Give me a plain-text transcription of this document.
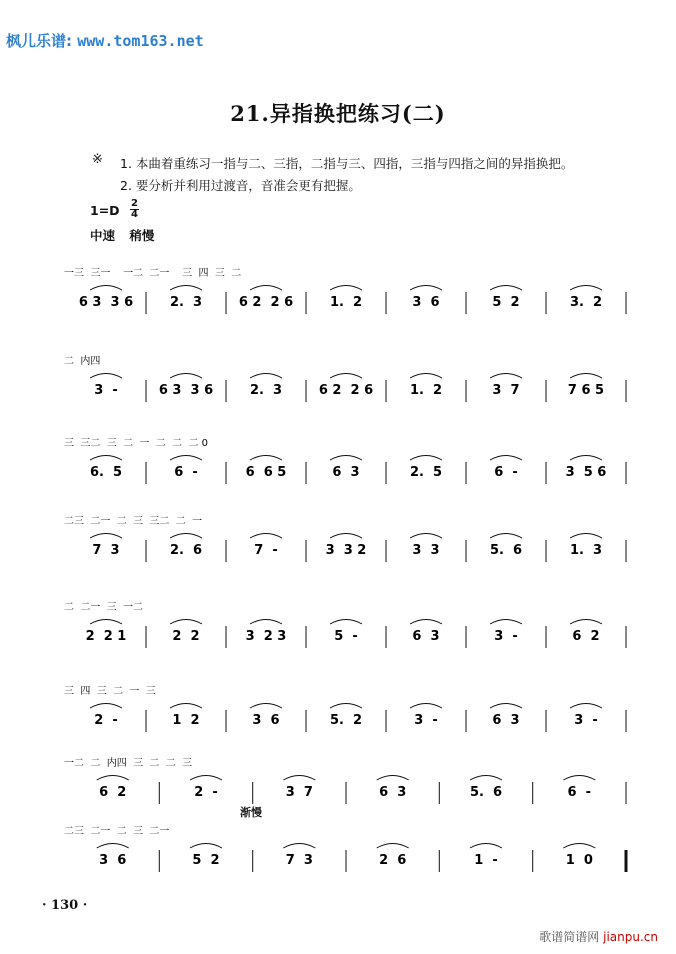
枫儿乐谱: www.tom163.net
21.异指换把练习(二)
※ 1. 本曲着重练习一指与二、三指，二指与三、四指，三指与四指之间的异指换把。
2. 要分析并利用过渡音，音准会更有把握。
1=D 2
4
中速 稍慢
一三  三一    一二  二一    三  四  三  二
6 3  3 6	2.  3	6 2  2 6	1.  2	3  6	5  2	3.  2
二  内四
3  -	6 3  3 6	2.  3	6 2  2 6	1.  2	3  7	7 6 5
三  三二  三  二  一  二  二  二 0
6.  5	6  -	6  6 5	6  3	2.  5	6  -	3  5 6
二三  二一  二  三  三二  二  一
7  3	2.  6	7  -	3  3 2	3  3	5.  6	1.  3
二  二一  三  一二
2  2 1	2  2	3  2 3	5  -	6  3	3  -	6  2
三  四  三  二  一  三
2  -	1  2	3  6	5.  2	3  -	6  3	3  -
一二  二  内四  三  二  二  三
6  2	2  -	3  7	6  3	5.  6	6  -
二三  二一  二  三  二一
3  6	5  2	7  3	2  6	1  -	1  0
渐慢
· 130 ·
歌谱简谱网 jianpu.cn
